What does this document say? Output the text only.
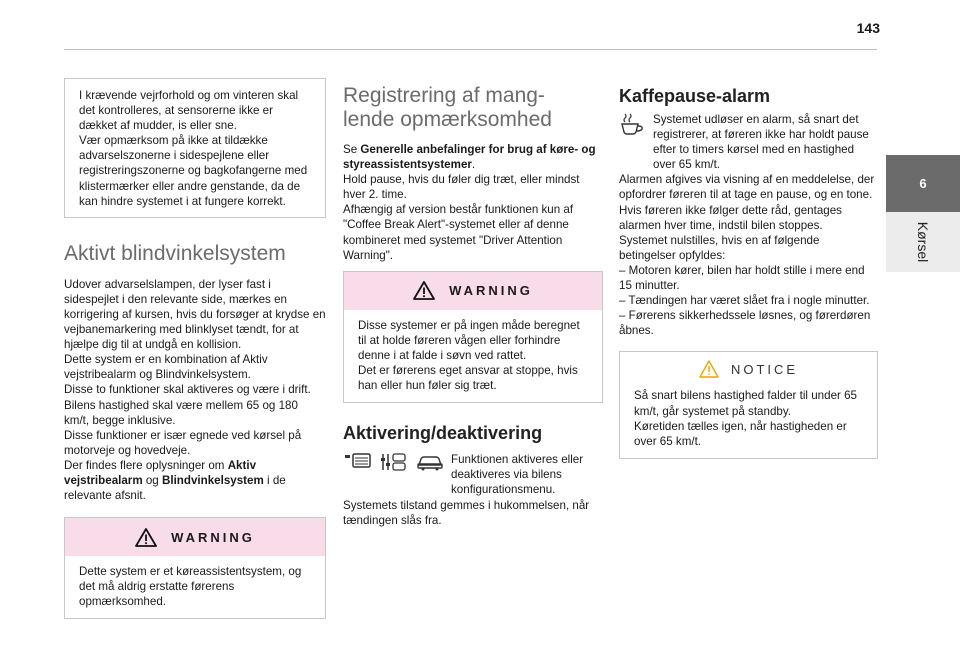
143
6
Kørsel

I krævende vejrforhold og om vinteren skal det kontrolleres, at sensorerne ikke er dækket af mudder, is eller sne.

Vær opmærksom på ikke at tildække advarselszonerne i sidespejlene eller registreringszonerne og bagkofangerne med klistermærker eller andre genstande, da de kan hindre systemet i at fungere korrekt.

Aktivt blindvinkelsystem

Udover advarselslampen, der lyser fast i sidespejlet i den relevante side, mærkes en korrigering af kursen, hvis du forsøger at krydse en vejbanemarkering med blinklyset tændt, for at hjælpe dig til at undgå en kollision.

Dette system er en kombination af Aktiv vejstribealarm og Blindvinkelsystem.

Disse to funktioner skal aktiveres og være i drift.

Bilens hastighed skal være mellem 65 og 180 km/t, begge inklusive.

Disse funktioner er især egnede ved kørsel på motorveje og hovedveje.

Der findes flere oplysninger om Aktiv vejstribealarm og Blindvinkelsystem i de relevante afsnit.

WARNING

Dette system er et køreassistentsystem, og det må aldrig erstatte førerens opmærksomhed.

Registrering af mang-lende opmærksomhed

Se Generelle anbefalinger for brug af køre- og styreassistentsystemer.

Hold pause, hvis du føler dig træt, eller mindst hver 2. time.

Afhængig af version består funktionen kun af "Coffee Break Alert"-systemet eller af denne kombineret med systemet "Driver Attention Warning".

WARNING

Disse systemer er på ingen måde beregnet til at holde føreren vågen eller forhindre denne i at falde i søvn ved rattet.

Det er førerens eget ansvar at stoppe, hvis han eller hun føler sig træt.

Aktivering/deaktivering

Funktionen aktiveres eller deaktiveres via bilens konfigurationsmenu.

Systemets tilstand gemmes i hukommelsen, når tændingen slås fra.

Kaffepause-alarm

Systemet udløser en alarm, så snart det registrerer, at føreren ikke har holdt pause efter to timers kørsel med en hastighed over 65 km/t.

Alarmen afgives via visning af en meddelelse, der opfordrer føreren til at tage en pause, og en tone.

Hvis føreren ikke følger dette råd, gentages alarmen hver time, indstil bilen stoppes.

Systemet nulstilles, hvis en af følgende betingelser opfyldes:

– Motoren kører, bilen har holdt stille i mere end 15 minutter.

– Tændingen har været slået fra i nogle minutter.

– Førerens sikkerhedssele løsnes, og førerdøren åbnes.

NOTICE

Så snart bilens hastighed falder til under 65 km/t, går systemet på standby.

Køretiden tælles igen, når hastigheden er over 65 km/t.
